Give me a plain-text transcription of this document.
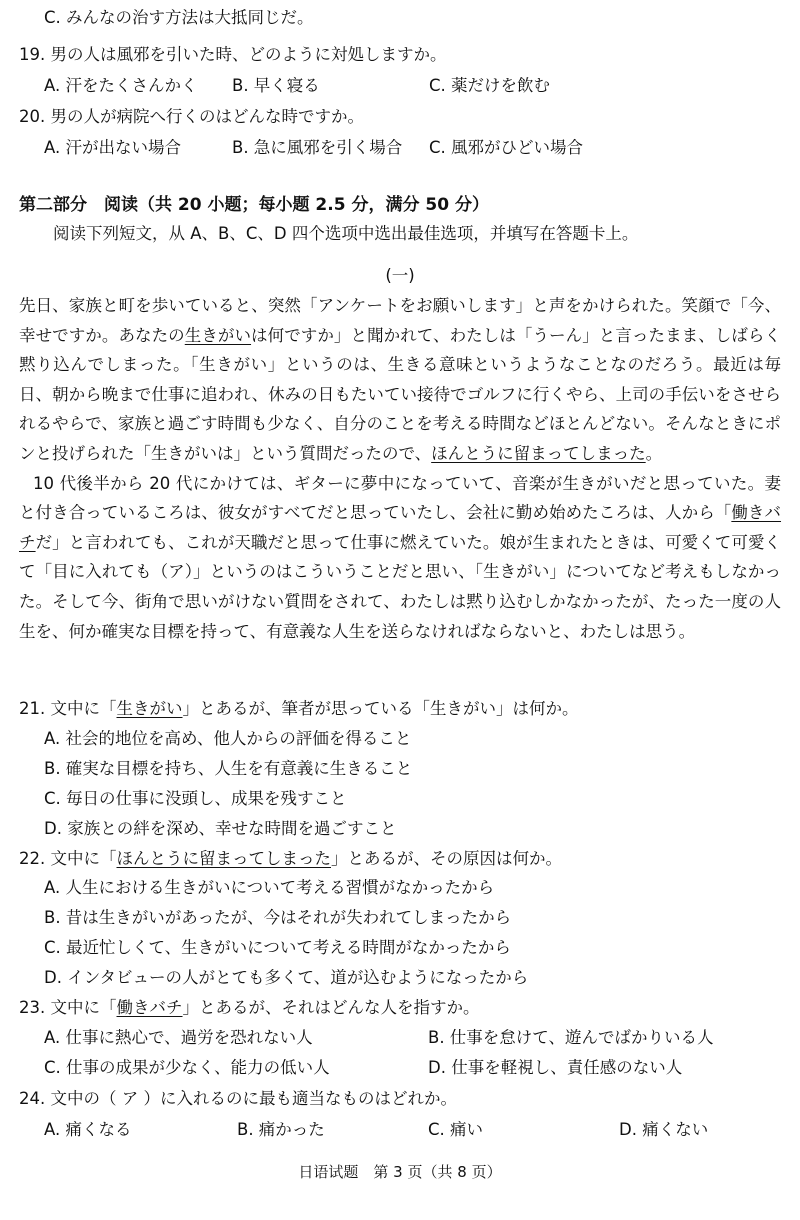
C. みんなの治す方法は大抵同じだ。
19. 男の人は風邪を引いた時、どのように対処しますか。
A. 汗をたくさんかく B. 早く寝る	C. 薬だけを飲む
20. 男の人が病院へ行くのはどんな時ですか。
A. 汗が出ない場合	B. 急に風邪を引く場合 C. 風邪がひどい場合
第二部分　阅读（共 20 小题；每小题 2.5 分，满分 50 分）
阅读下列短文，从 A、B、C、D 四个选项中选出最佳选项，并填写在答题卡上。
(一)

先日、家族と町を歩いていると、突然「アンケートをお願いします」と声をかけられた。笑顔で「今、幸せですか。あなたの生きがいは何ですか」と聞かれて、わたしは「うーん」と言ったまま、しばらく黙り込んでしまった。「生きがい」というのは、生きる意味というようなことなのだろう。最近は毎日、朝から晩まで仕事に追われ、休みの日もたいてい接待でゴルフに行くやら、上司の手伝いをさせられるやらで、家族と過ごす時間も少なく、自分のことを考える時間などほとんどない。そんなときにポンと投げられた「生きがいは」という質問だったので、ほんとうに留まってしまった。

10 代後半から 20 代にかけては、ギターに夢中になっていて、音楽が生きがいだと思っていた。妻と付き合っているころは、彼女がすべてだと思っていたし、会社に勤め始めたころは、人から「働きバチだ」と言われても、これが天職だと思って仕事に燃えていた。娘が生まれたときは、可愛くて可愛くて「目に入れても（ア）」というのはこういうことだと思い、「生きがい」についてなど考えもしなかった。そして今、街角で思いがけない質問をされて、わたしは黙り込むしかなかったが、たった一度の人生を、何か確実な目標を持って、有意義な人生を送らなければならないと、わたしは思う。

21. 文中に「生きがい」とあるが、筆者が思っている「生きがい」は何か。
A. 社会的地位を高め、他人からの評価を得ること
B. 確実な目標を持ち、人生を有意義に生きること
C. 毎日の仕事に没頭し、成果を残すこと
D. 家族との絆を深め、幸せな時間を過ごすこと
22. 文中に「ほんとうに留まってしまった」とあるが、その原因は何か。
A. 人生における生きがいについて考える習慣がなかったから
B. 昔は生きがいがあったが、今はそれが失われてしまったから
C. 最近忙しくて、生きがいについて考える時間がなかったから
D. インタビューの人がとても多くて、道が込むようになったから
23. 文中に「働きバチ」とあるが、それはどんな人を指すか。
A. 仕事に熱心で、過労を恐れない人	B. 仕事を怠けて、遊んでばかりいる人
C. 仕事の成果が少なく、能力の低い人	D. 仕事を軽視し、責任感のない人
24. 文中の（ ア ）に入れるのに最も適当なものはどれか。
A. 痛くなる	B. 痛かった	C. 痛い	D. 痛くない
日语试题　第 3 页（共 8 页）
